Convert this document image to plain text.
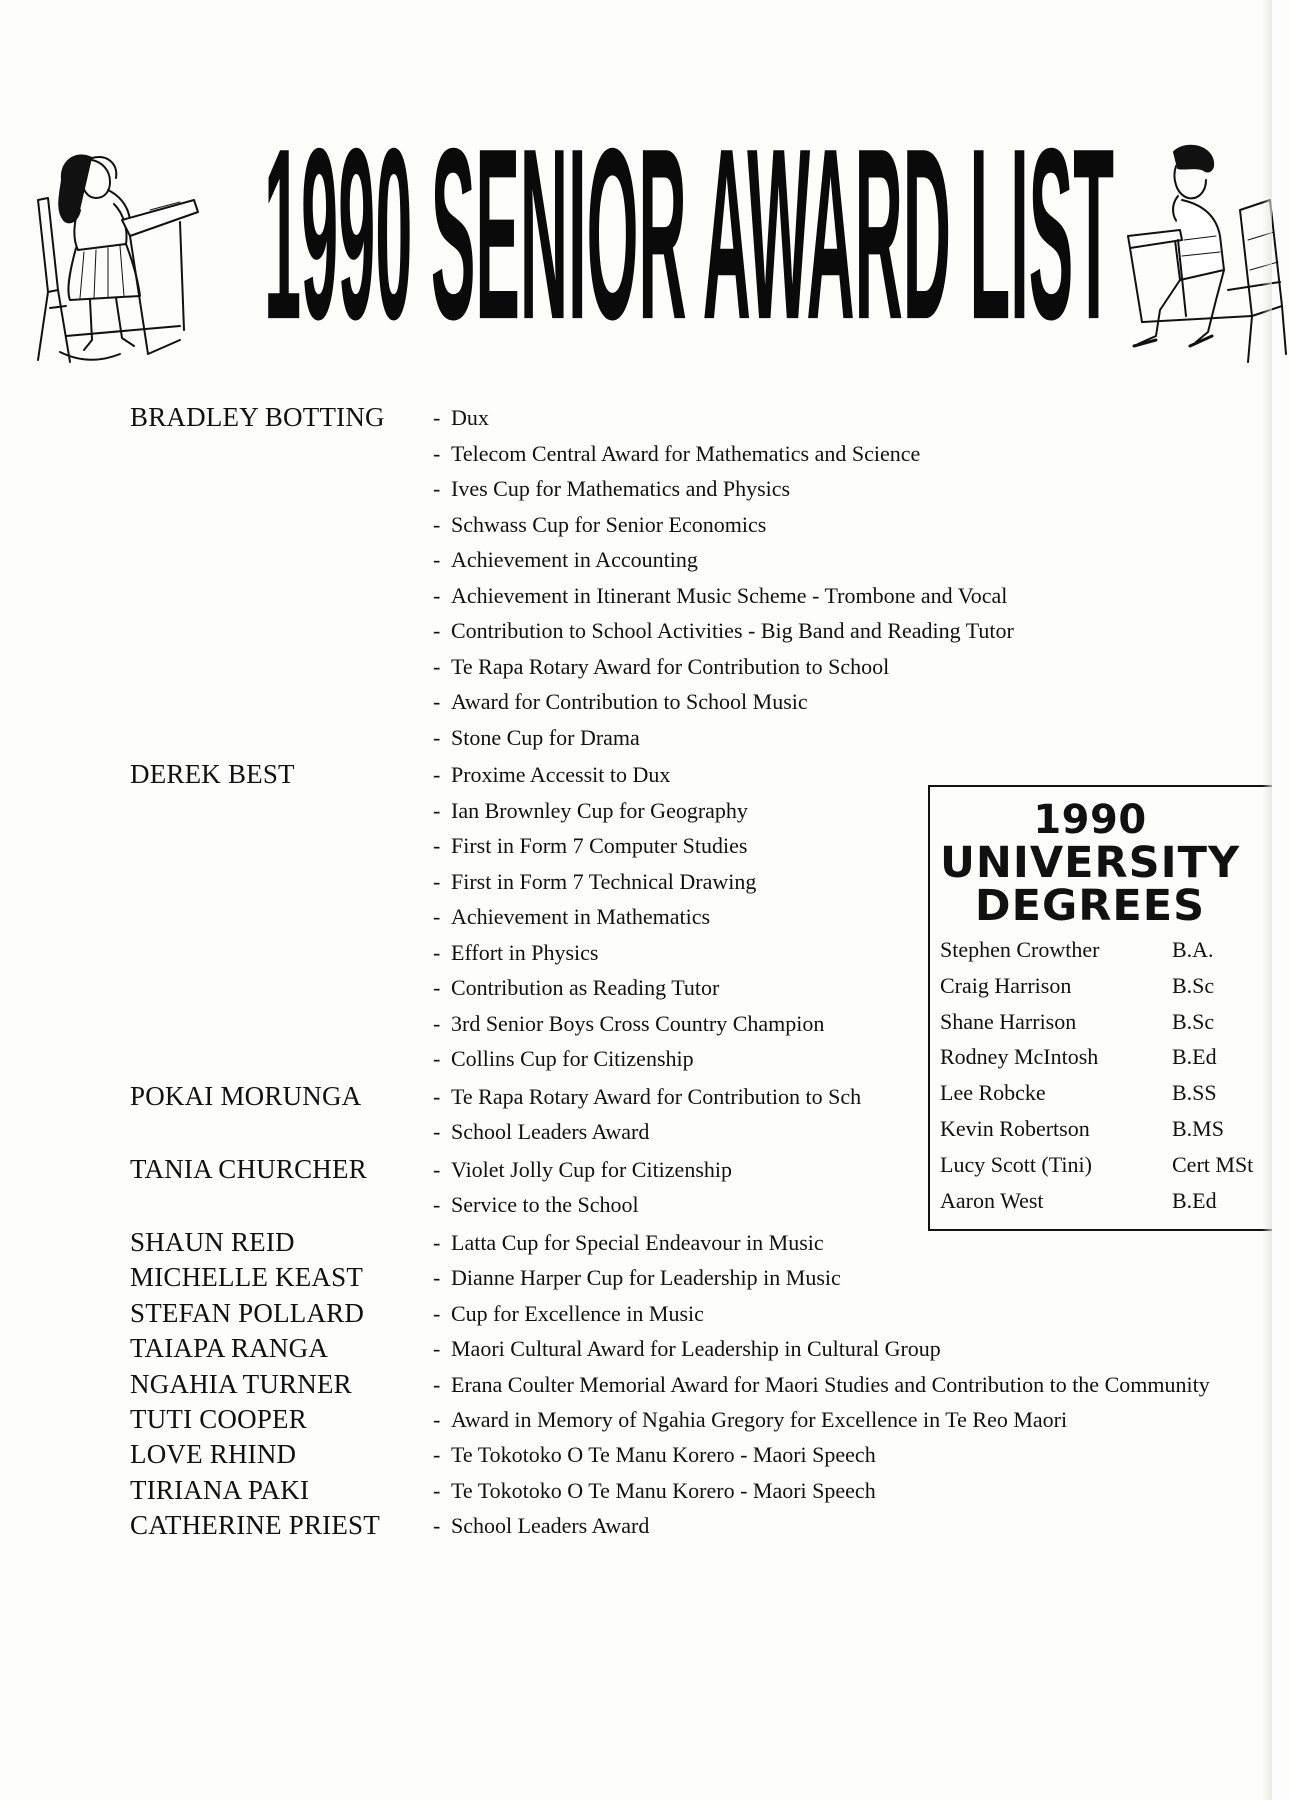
1990 SENIOR AWARD LIST
BRADLEY BOTTING	- Dux
- Telecom Central Award for Mathematics and Science
- Ives Cup for Mathematics and Physics
- Schwass Cup for Senior Economics
- Achievement in Accounting
- Achievement in Itinerant Music Scheme - Trombone and Vocal
- Contribution to School Activities - Big Band and Reading Tutor
- Te Rapa Rotary Award for Contribution to School
- Award for Contribution to School Music
- Stone Cup for Drama
DEREK BEST	- Proxime Accessit to Dux
- Ian Brownley Cup for Geography
- First in Form 7 Computer Studies
- First in Form 7 Technical Drawing
- Achievement in Mathematics
- Effort in Physics
- Contribution as Reading Tutor
- 3rd Senior Boys Cross Country Champion
- Collins Cup for Citizenship
POKAI MORUNGA	- Te Rapa Rotary Award for Contribution to Sch
- School Leaders Award
TANIA CHURCHER	- Violet Jolly Cup for Citizenship
- Service to the School
SHAUN REID	- Latta Cup for Special Endeavour in Music
MICHELLE KEAST	- Dianne Harper Cup for Leadership in Music
STEFAN POLLARD	- Cup for Excellence in Music
TAIAPA RANGA	- Maori Cultural Award for Leadership in Cultural Group
NGAHIA TURNER	- Erana Coulter Memorial Award for Maori Studies and Contribution to the Community
TUTI COOPER	- Award in Memory of Ngahia Gregory for Excellence in Te Reo Maori
LOVE RHIND	- Te Tokotoko O Te Manu Korero - Maori Speech
TIRIANA PAKI	- Te Tokotoko O Te Manu Korero - Maori Speech
CATHERINE PRIEST	- School Leaders Award
1990
UNIVERSITY
DEGREES
Stephen Crowther	B.A.
Craig Harrison	B.Sc
Shane Harrison	B.Sc
Rodney McIntosh	B.Ed
Lee Robcke	B.SS
Kevin Robertson	B.MS
Lucy Scott (Tini)	Cert MSt
Aaron West	B.Ed
